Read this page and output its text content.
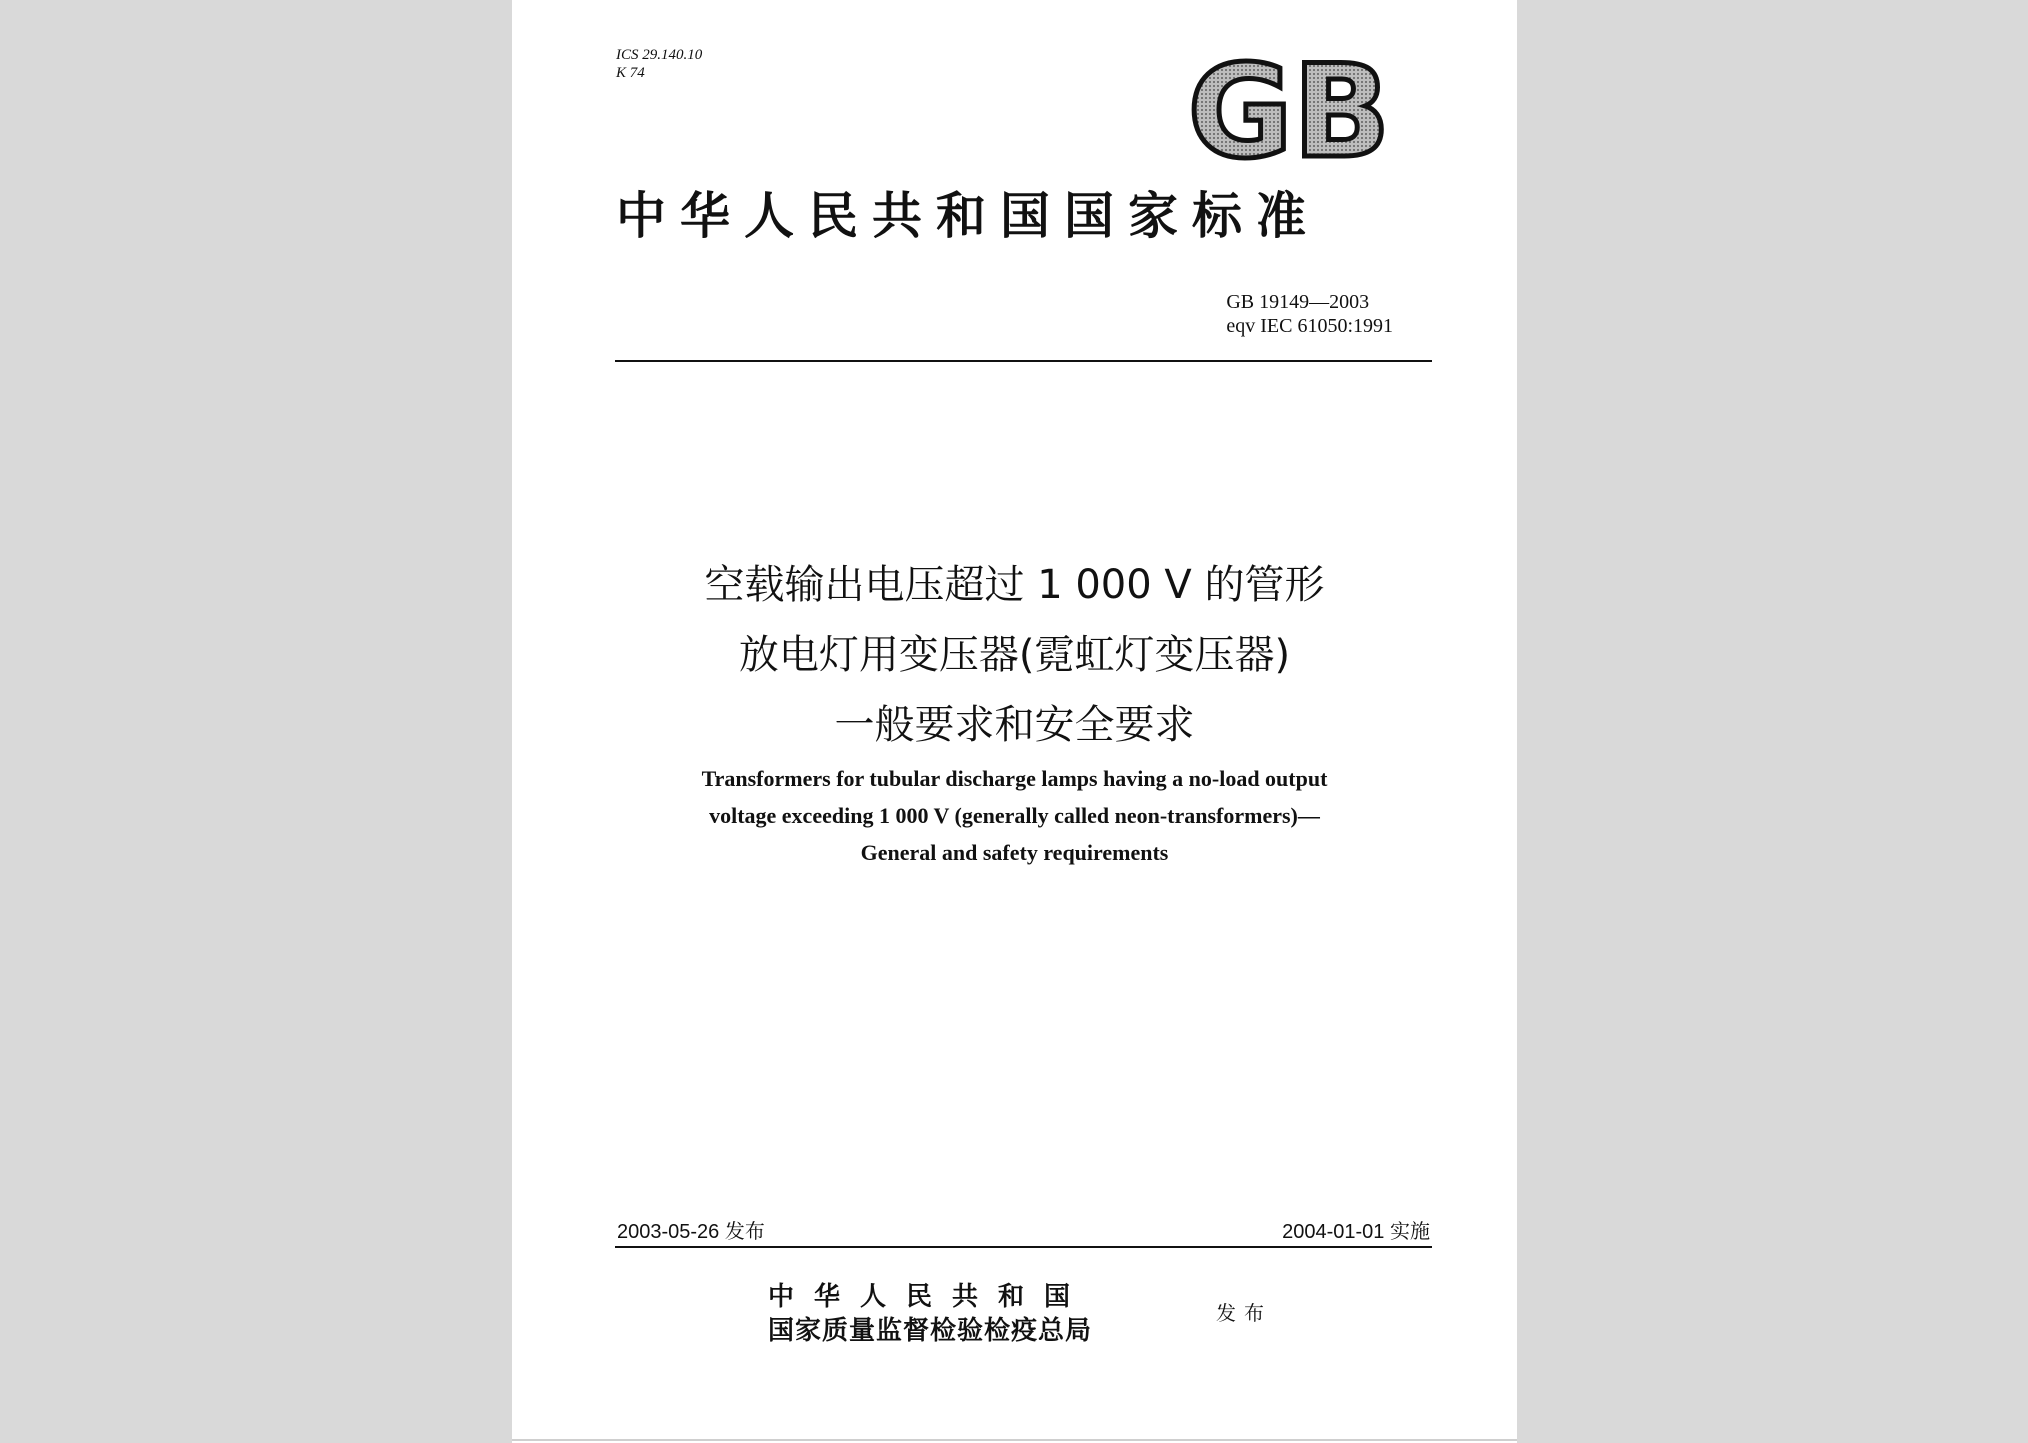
ICS 29.140.10
K 74	GB
中华人民共和国国家标准
GB 19149—2003
eqv IEC 61050:1991
空载输出电压超过 1 000 V 的管形
放电灯用变压器(霓虹灯变压器)
一般要求和安全要求
Transformers for tubular discharge lamps having a no-load output
voltage exceeding 1 000 V (generally called neon-transformers)—
General and safety requirements
2003-05-26 发布	2004-01-01 实施
中华人民共和国
国家质量监督检验检疫总局
发布
